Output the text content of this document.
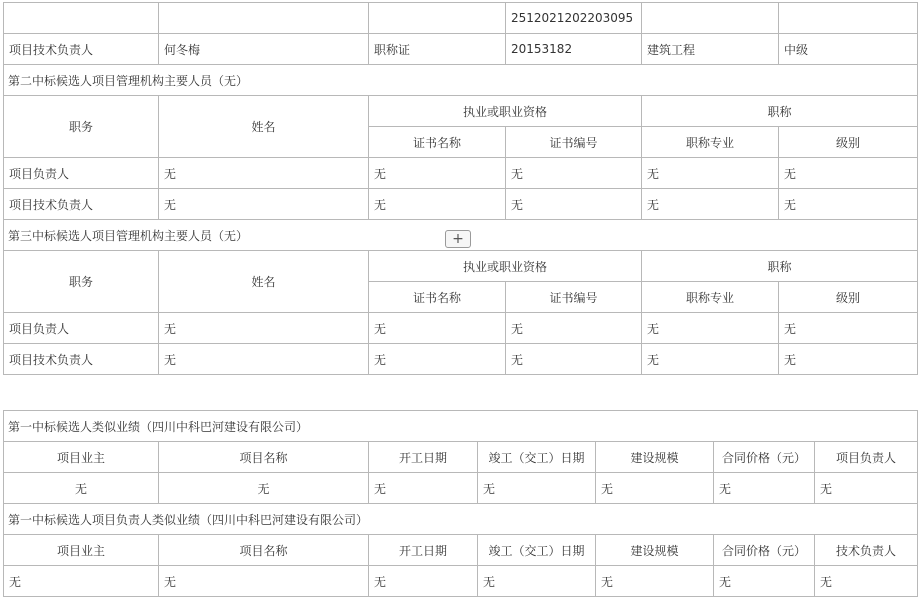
			2512021202203095		
项目技术负责人	何冬梅	职称证	20153182	建筑工程	中级
第二中标候选人项目管理机构主要人员（无）					
职务	姓名	执业或职业资格		职称	
		证书名称	证书编号	职称专业	级别
项目负责人	无	无	无	无	无
项目技术负责人	无	无	无	无	无
第三中标候选人项目管理机构主要人员（无）					
职务	姓名	执业或职业资格		职称	
		证书名称	证书编号	职称专业	级别
项目负责人	无	无	无	无	无
项目技术负责人	无	无	无	无	无
+
第一中标候选人类似业绩（四川中科巴河建设有限公司）						
项目业主	项目名称	开工日期	竣工（交工）日期	建设规模	合同价格（元）	项目负责人
无	无	无	无	无	无	无
第一中标候选人项目负责人类似业绩（四川中科巴河建设有限公司）						
项目业主	项目名称	开工日期	竣工（交工）日期	建设规模	合同价格（元）	技术负责人
无	无	无	无	无	无	无
